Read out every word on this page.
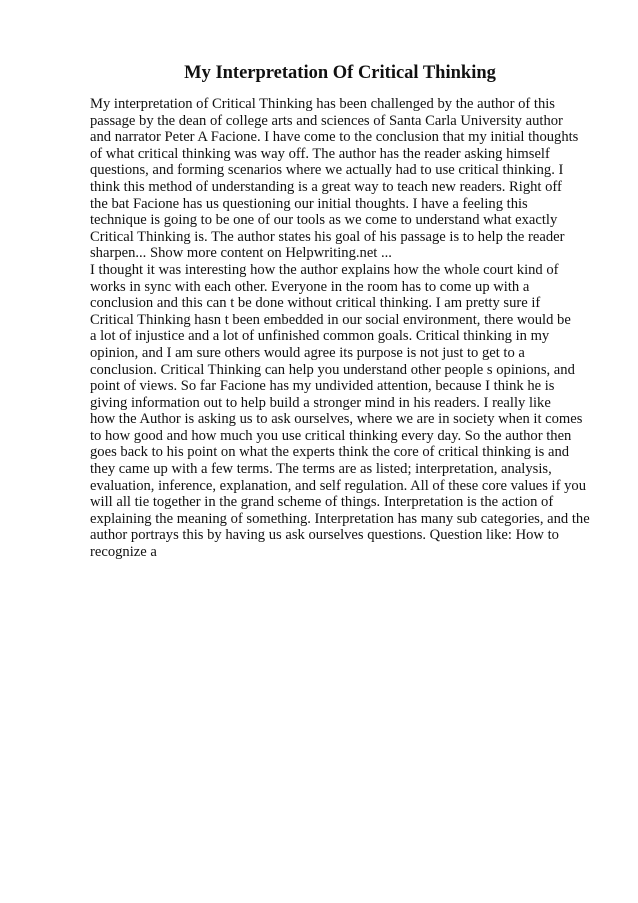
My Interpretation Of Critical Thinking
My interpretation of Critical Thinking has been challenged by the author of this
passage by the dean of college arts and sciences of Santa Carla University author
and narrator Peter A Facione. I have come to the conclusion that my initial thoughts
of what critical thinking was way off. The author has the reader asking himself
questions, and forming scenarios where we actually had to use critical thinking. I
think this method of understanding is a great way to teach new readers. Right off
the bat Facione has us questioning our initial thoughts. I have a feeling this
technique is going to be one of our tools as we come to understand what exactly
Critical Thinking is. The author states his goal of his passage is to help the reader
sharpen... Show more content on Helpwriting.net ...
I thought it was interesting how the author explains how the whole court kind of
works in sync with each other. Everyone in the room has to come up with a
conclusion and this can t be done without critical thinking. I am pretty sure if
Critical Thinking hasn t been embedded in our social environment, there would be
a lot of injustice and a lot of unfinished common goals. Critical thinking in my
opinion, and I am sure others would agree its purpose is not just to get to a
conclusion. Critical Thinking can help you understand other people s opinions, and
point of views. So far Facione has my undivided attention, because I think he is
giving information out to help build a stronger mind in his readers. I really like
how the Author is asking us to ask ourselves, where we are in society when it comes
to how good and how much you use critical thinking every day. So the author then
goes back to his point on what the experts think the core of critical thinking is and
they came up with a few terms. The terms are as listed; interpretation, analysis,
evaluation, inference, explanation, and self regulation. All of these core values if you
will all tie together in the grand scheme of things. Interpretation is the action of
explaining the meaning of something. Interpretation has many sub categories, and the
author portrays this by having us ask ourselves questions. Question like: How to
recognize a
